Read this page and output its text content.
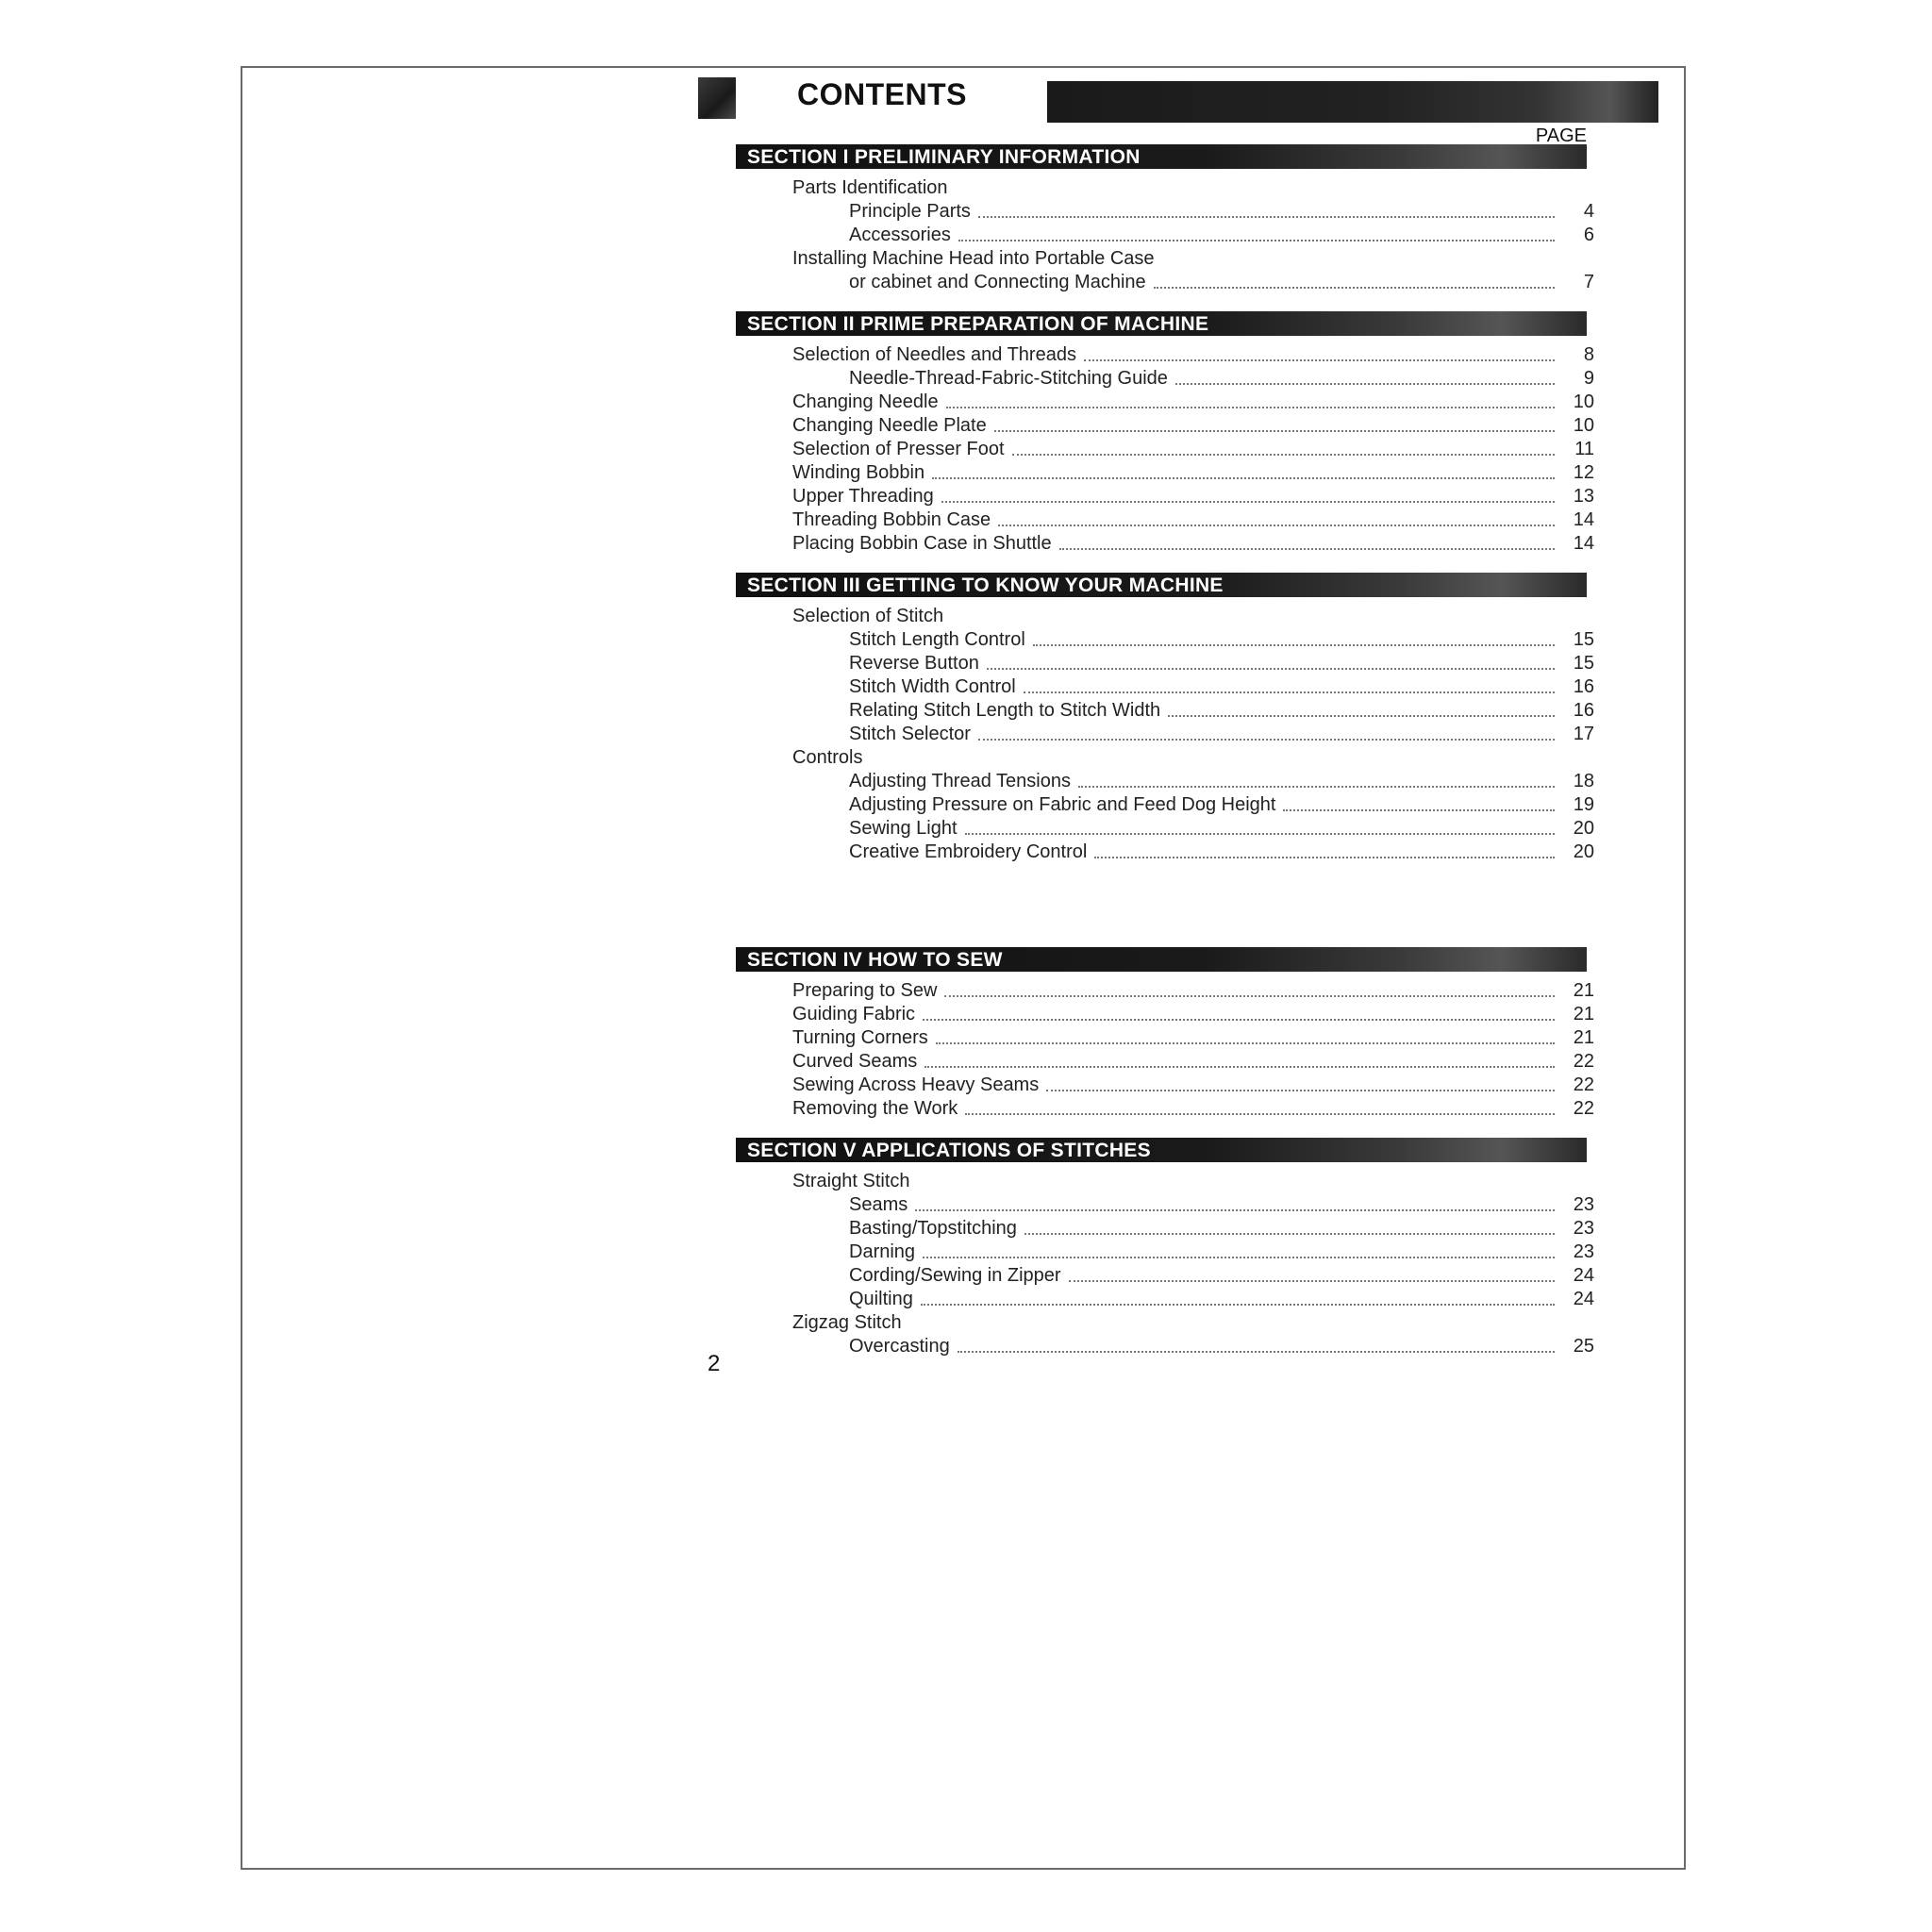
CONTENTS
SECTION I PRELIMINARY INFORMATION
PAGE
Parts Identification
Principle Parts	4
Accessories	6
Installing Machine Head into Portable Case
or cabinet and Connecting Machine	7
SECTION II PRIME PREPARATION OF MACHINE
Selection of Needles and Threads	8
Needle-Thread-Fabric-Stitching Guide	9
Changing Needle	10
Changing Needle Plate	10
Selection of Presser Foot	11
Winding Bobbin	12
Upper Threading	13
Threading Bobbin Case	14
Placing Bobbin Case in Shuttle	14
SECTION III GETTING TO KNOW YOUR MACHINE
Selection of Stitch
Stitch Length Control	15
Reverse Button	15
Stitch Width Control	16
Relating Stitch Length to Stitch Width	16
Stitch Selector	17
Controls
Adjusting Thread Tensions	18
Adjusting Pressure on Fabric and Feed Dog Height	19
Sewing Light	20
Creative Embroidery Control	20
SECTION IV HOW TO SEW
Preparing to Sew	21
Guiding Fabric	21
Turning Corners	21
Curved Seams	22
Sewing Across Heavy Seams	22
Removing the Work	22
SECTION V APPLICATIONS OF STITCHES
Straight Stitch
Seams	23
Basting/Topstitching	23
Darning	23
Cording/Sewing in Zipper	24
Quilting	24
Zigzag Stitch
Overcasting	25
2
